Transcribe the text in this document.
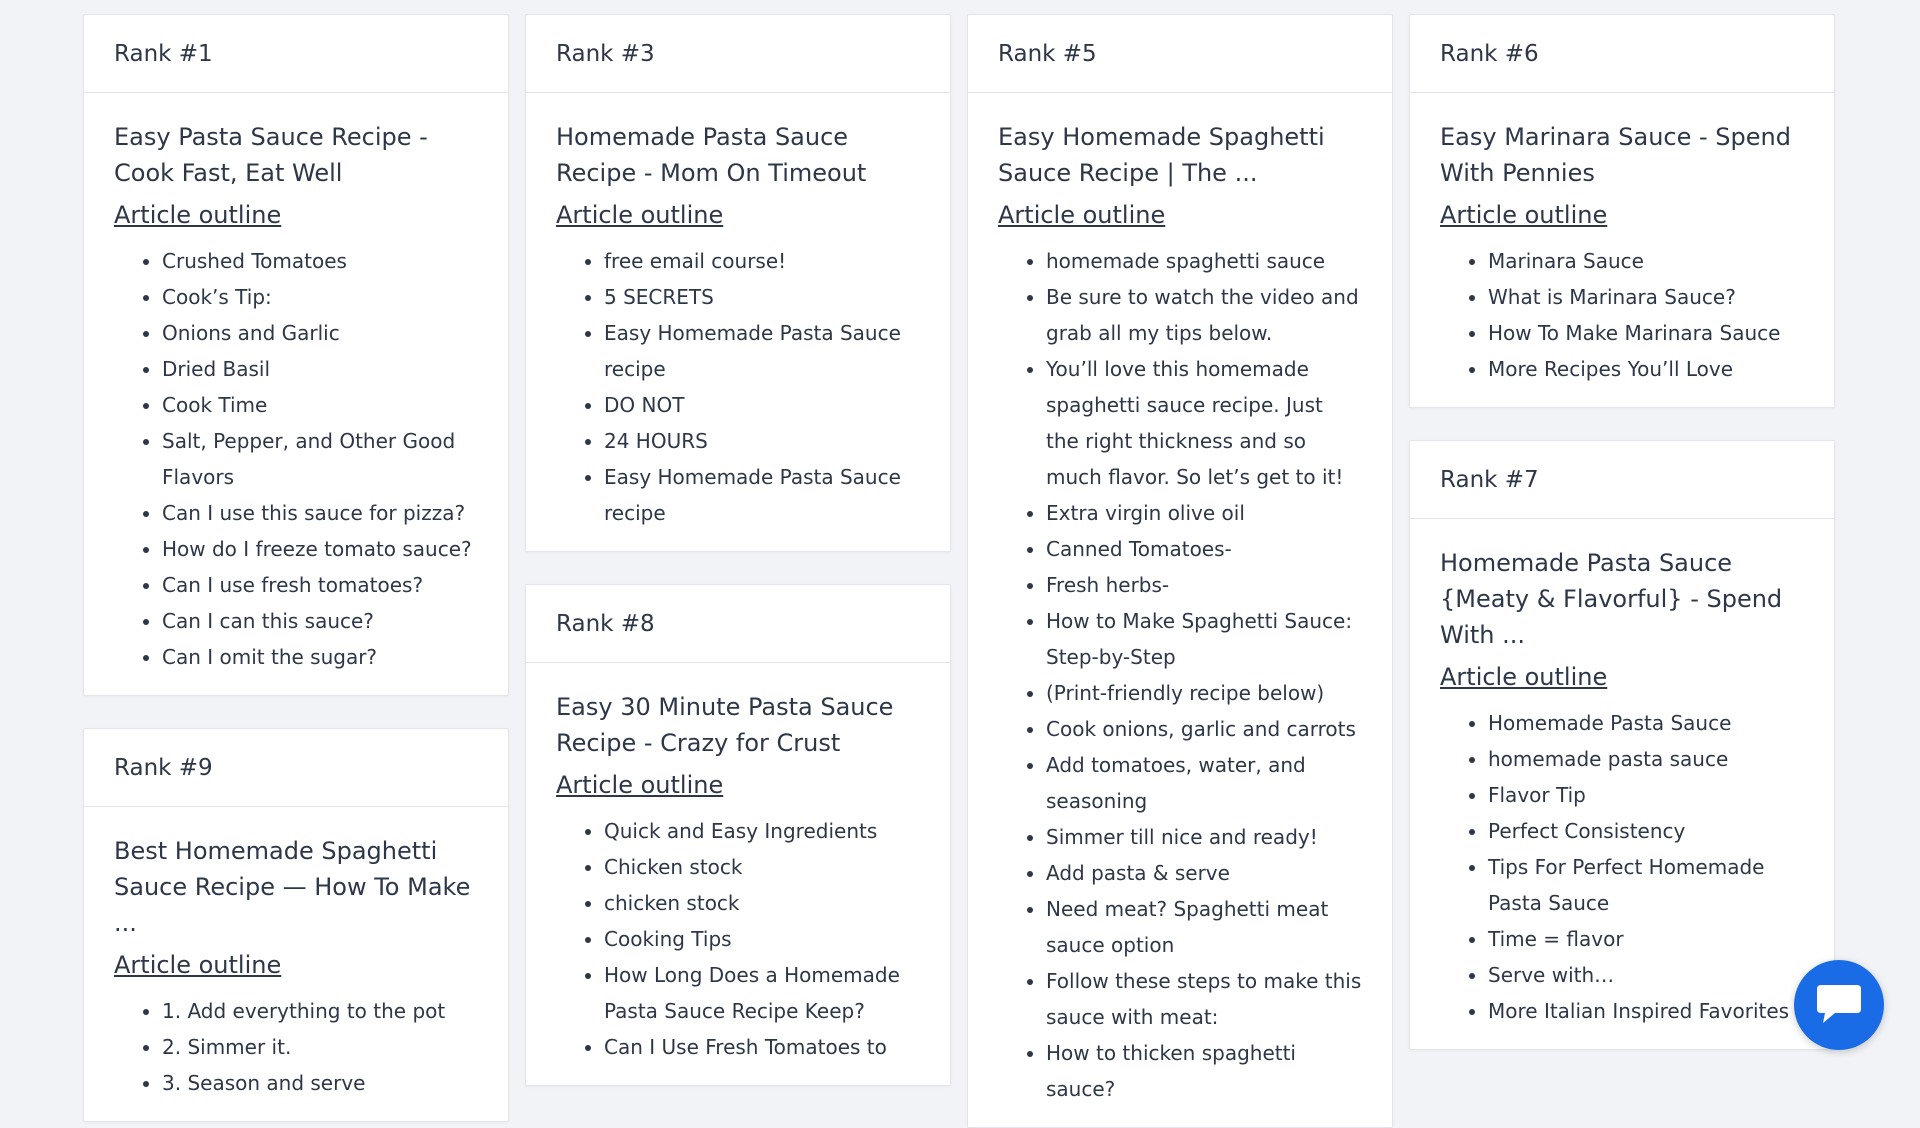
Rank #1
Easy Pasta Sauce Recipe - Cook Fast, Eat Well
Article outline
• Crushed Tomatoes
• Cook’s Tip:
• Onions and Garlic
• Dried Basil
• Cook Time
• Salt, Pepper, and Other Good Flavors
• Can I use this sauce for pizza?
• How do I freeze tomato sauce?
• Can I use fresh tomatoes?
• Can I can this sauce?
• Can I omit the sugar?
Rank #9
Best Homemade Spaghetti Sauce Recipe — How To Make ...
Article outline
• 1. Add everything to the pot
• 2. Simmer it.
• 3. Season and serve
Rank #3
Homemade Pasta Sauce Recipe - Mom On Timeout
Article outline
• free email course!
• 5 SECRETS
• Easy Homemade Pasta Sauce recipe
• DO NOT
• 24 HOURS
• Easy Homemade Pasta Sauce recipe
Rank #8
Easy 30 Minute Pasta Sauce Recipe - Crazy for Crust
Article outline
• Quick and Easy Ingredients
• Chicken stock
• chicken stock
• Cooking Tips
• How Long Does a Homemade Pasta Sauce Recipe Keep?
• Can I Use Fresh Tomatoes to
Rank #5
Easy Homemade Spaghetti Sauce Recipe | The ...
Article outline
• homemade spaghetti sauce
• Be sure to watch the video and grab all my tips below.
• You’ll love this homemade spaghetti sauce recipe. Just the right thickness and so much flavor. So let’s get to it!
• Extra virgin olive oil
• Canned Tomatoes-
• Fresh herbs-
• How to Make Spaghetti Sauce: Step-by-Step
• (Print-friendly recipe below)
• Cook onions, garlic and carrots
• Add tomatoes, water, and seasoning
• Simmer till nice and ready!
• Add pasta & serve
• Need meat? Spaghetti meat sauce option
• Follow these steps to make this sauce with meat:
• How to thicken spaghetti sauce?
Rank #6
Easy Marinara Sauce - Spend With Pennies
Article outline
• Marinara Sauce
• What is Marinara Sauce?
• How To Make Marinara Sauce
• More Recipes You’ll Love
Rank #7
Homemade Pasta Sauce {Meaty & Flavorful} - Spend With ...
Article outline
• Homemade Pasta Sauce
• homemade pasta sauce
• Flavor Tip
• Perfect Consistency
• Tips For Perfect Homemade Pasta Sauce
• Time = flavor
• Serve with…
• More Italian Inspired Favorites
